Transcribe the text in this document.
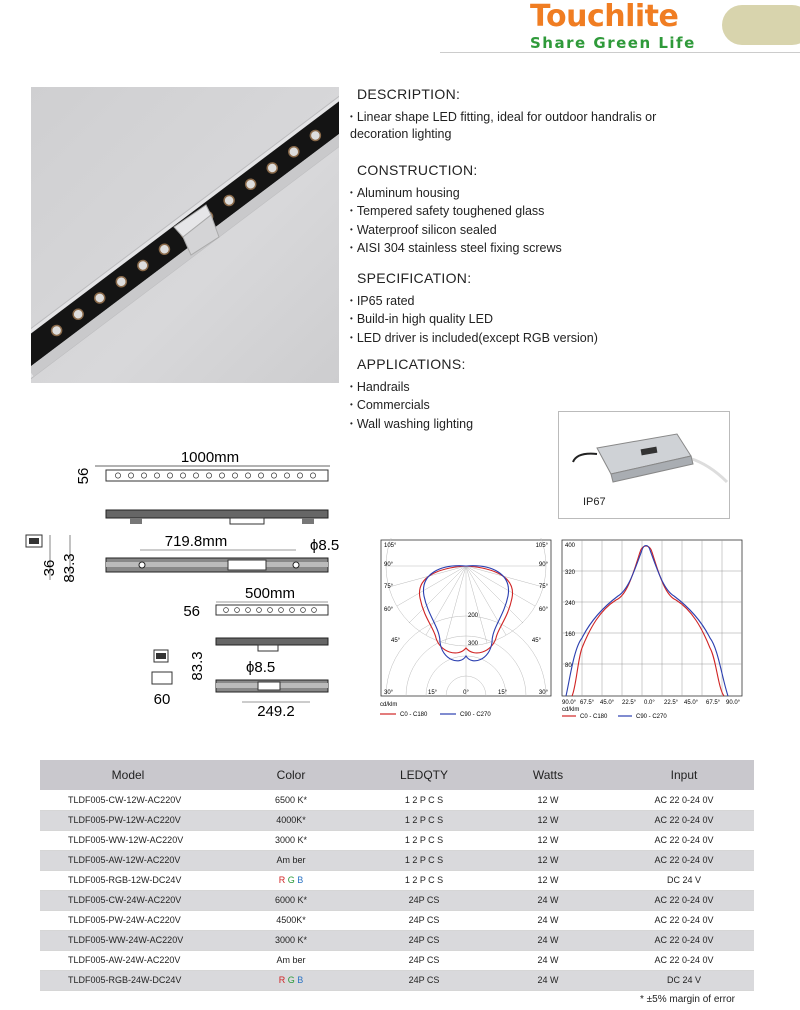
Touchlite
Share Green Life
DESCRIPTION:
• Linear shape LED fitting, ideal for outdoor handralis or decoration lighting
CONSTRUCTION:
• Aluminum housing
• Tempered safety toughened glass
• Waterproof silicon sealed
• AISI 304 stainless steel fixing screws
SPECIFICATION:
• IP65 rated
• Build-in high quality LED
• LED driver is included(except RGB version)
APPLICATIONS:
• Handrails
• Commercials
• Wall washing lighting
IP67
1000mm
56
36 83.3
719.8mm	ϕ8.5
500mm
56
ϕ8.5
83.3
60
249.2
105°	105°
90°
75°
60°
45°
30°
90°
75°
60°
45°
30°
15°	0°	15°
200
300
cd/klm
C0 - C180	C90 - C270
400
320
240
160
80
90.0° 67.5° 45.0° 22.5° 0.0° 22.5° 45.0° 67.5° 90.0°
cd/klm
C0 - C180	C90 - C270
Model	Color	LEDQTY	Watts	Input
TLDF005-CW-12W-AC220V	6500 K*	1 2 P C S	12 W	AC 22 0-24 0V
TLDF005-PW-12W-AC220V	4000K*	1 2 P C S	12 W	AC 22 0-24 0V
TLDF005-WW-12W-AC220V	3000 K*	1 2 P C S	12 W	AC 22 0-24 0V
TLDF005-AW-12W-AC220V	Am ber	1 2 P C S	12 W	AC 22 0-24 0V
TLDF005-RGB-12W-DC24V	R G B	1 2 P C S	12 W	DC 24 V
TLDF005-CW-24W-AC220V	6000 K*	24P CS	24 W	AC 22 0-24 0V
TLDF005-PW-24W-AC220V	4500K*	24P CS	24 W	AC 22 0-24 0V
TLDF005-WW-24W-AC220V	3000 K*	24P CS	24 W	AC 22 0-24 0V
TLDF005-AW-24W-AC220V	Am ber	24P CS	24 W	AC 22 0-24 0V
TLDF005-RGB-24W-DC24V	R G B	24P CS	24 W	DC 24 V
* ±5% margin of error
